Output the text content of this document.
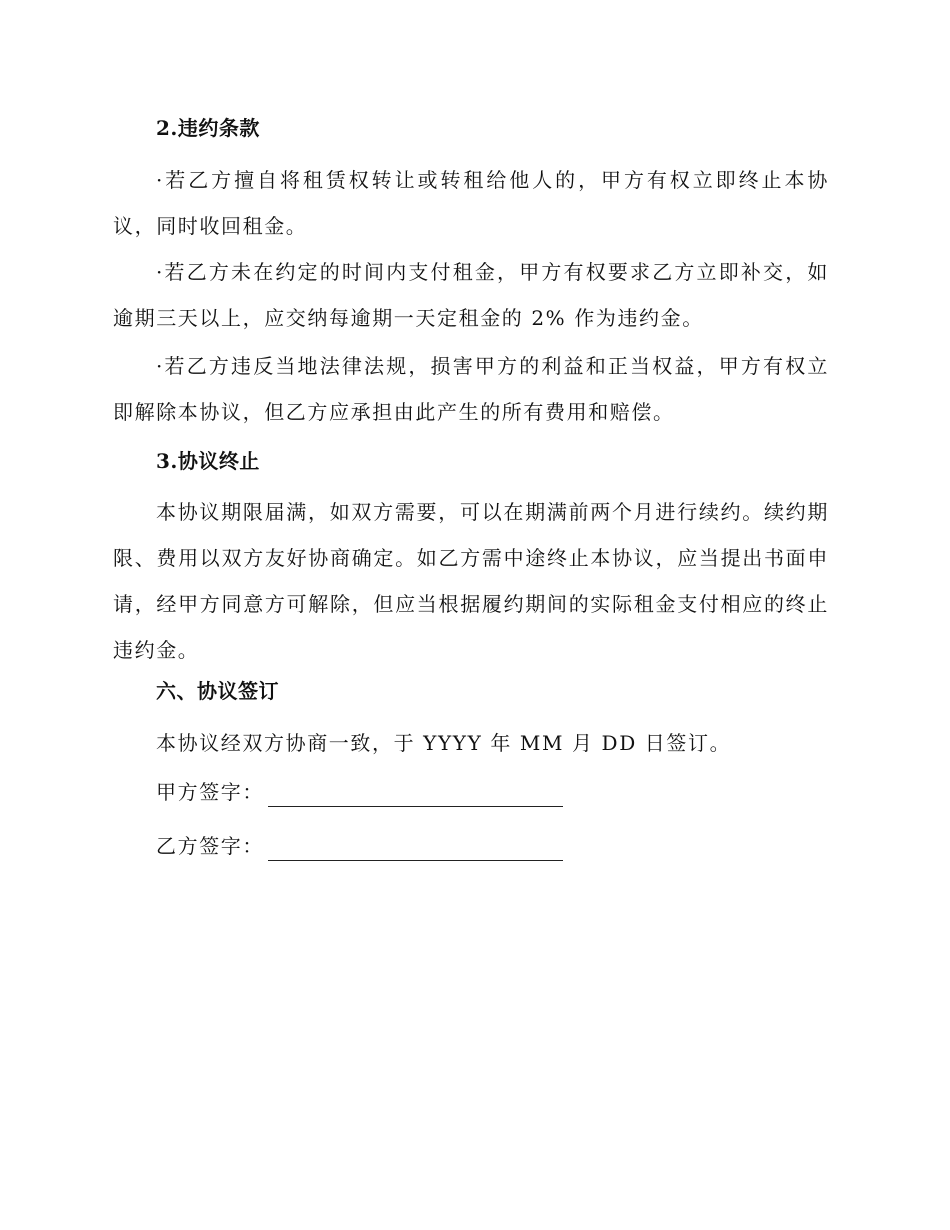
2.违约条款

·若乙方擅自将租赁权转让或转租给他人的，甲方有权立即终止本协议，同时收回租金。

·若乙方未在约定的时间内支付租金，甲方有权要求乙方立即补交，如逾期三天以上，应交纳每逾期一天定租金的 2% 作为违约金。

·若乙方违反当地法律法规，损害甲方的利益和正当权益，甲方有权立即解除本协议，但乙方应承担由此产生的所有费用和赔偿。

3.协议终止

本协议期限届满，如双方需要，可以在期满前两个月进行续约。续约期限、费用以双方友好协商确定。如乙方需中途终止本协议，应当提出书面申请，经甲方同意方可解除，但应当根据履约期间的实际租金支付相应的终止违约金。

六、协议签订

本协议经双方协商一致，于 YYYY 年 MM 月 DD 日签订。

甲方签字：
乙方签字：
